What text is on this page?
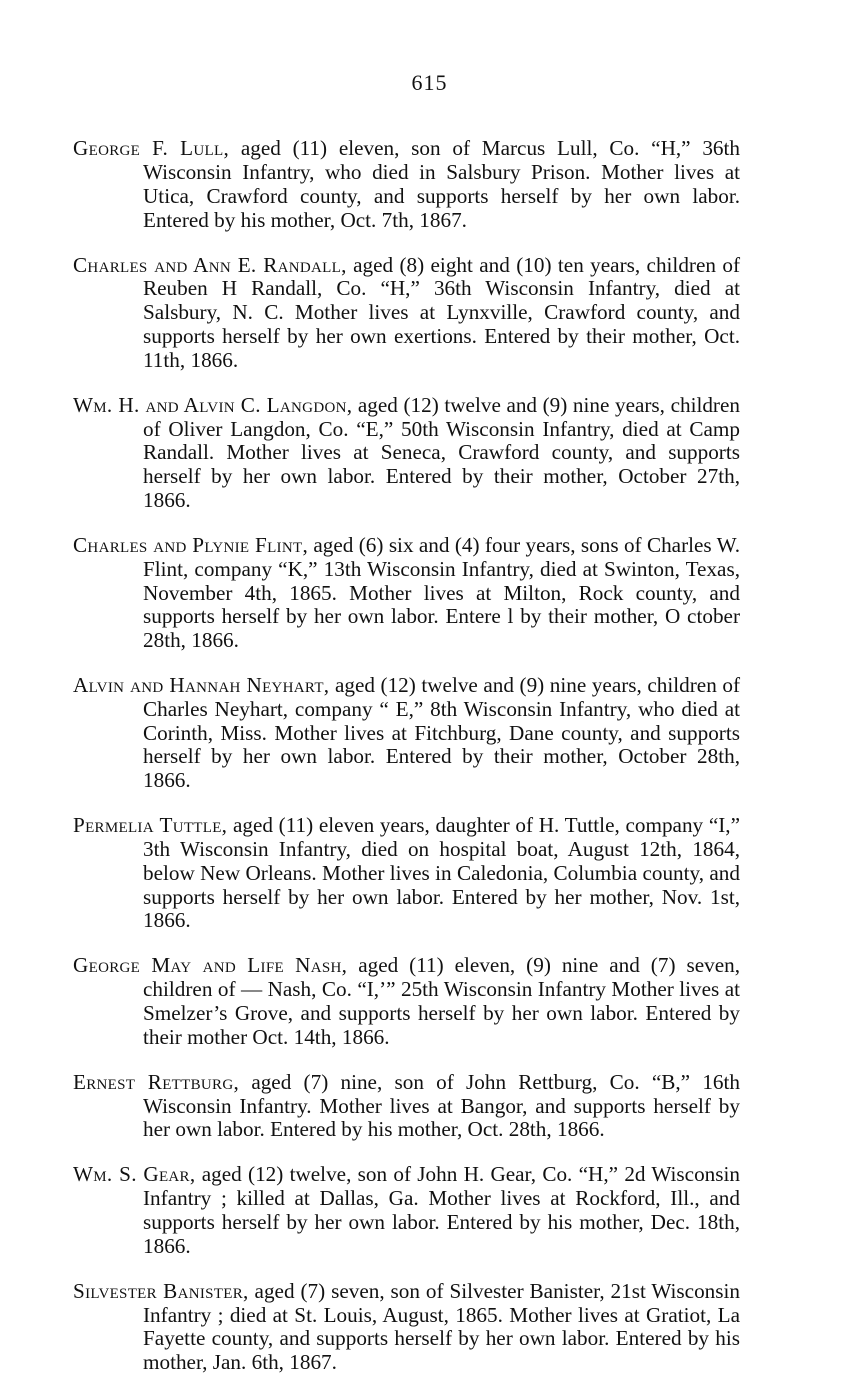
615

George F. Lull, aged (11) eleven, son of Marcus Lull, Co. “H,” 36th Wisconsin Infantry, who died in Salsbury Prison. Mother lives at Utica, Crawford county, and supports herself by her own labor. Entered by his mother, Oct. 7th, 1867.

Charles and Ann E. Randall, aged (8) eight and (10) ten years, children of Reuben H Randall, Co. “H,” 36th Wisconsin Infantry, died at Salsbury, N. C. Mother lives at Lynxville, Crawford county, and supports herself by her own exertions. Entered by their mother, Oct. 11th, 1866.

Wm. H. and Alvin C. Langdon, aged (12) twelve and (9) nine years, children of Oliver Langdon, Co. “E,” 50th Wisconsin Infantry, died at Camp Randall. Mother lives at Seneca, Crawford county, and supports herself by her own labor. Entered by their mother, October 27th, 1866.

Charles and Plynie Flint, aged (6) six and (4) four years, sons of Charles W. Flint, company “K,” 13th Wisconsin Infantry, died at Swinton, Texas, November 4th, 1865. Mother lives at Milton, Rock county, and supports herself by her own labor. Entere l by their mother, O ctober 28th, 1866.

Alvin and Hannah Neyhart, aged (12) twelve and (9) nine years, children of Charles Neyhart, company “ E,” 8th Wisconsin Infantry, who died at Corinth, Miss. Mother lives at Fitchburg, Dane county, and supports herself by her own labor. Entered by their mother, October 28th, 1866.

Permelia Tuttle, aged (11) eleven years, daughter of H. Tuttle, company “I,” 3th Wisconsin Infantry, died on hospital boat, August 12th, 1864, below New Orleans. Mother lives in Caledonia, Columbia county, and supports herself by her own labor. Entered by her mother, Nov. 1st, 1866.

George May and Life Nash, aged (11) eleven, (9) nine and (7) seven, children of — Nash, Co. “I,’” 25th Wisconsin Infantry Mother lives at Smelzer’s Grove, and supports herself by her own labor. Entered by their mother Oct. 14th, 1866.

Ernest Rettburg, aged (7) nine, son of John Rettburg, Co. “B,” 16th Wisconsin Infantry. Mother lives at Bangor, and supports herself by her own labor. Entered by his mother, Oct. 28th, 1866.

Wm. S. Gear, aged (12) twelve, son of John H. Gear, Co. “H,” 2d Wisconsin Infantry ; killed at Dallas, Ga. Mother lives at Rockford, Ill., and supports herself by her own labor. Entered by his mother, Dec. 18th, 1866.

Silvester Banister, aged (7) seven, son of Silvester Banister, 21st Wisconsin Infantry ; died at St. Louis, August, 1865. Mother lives at Gratiot, La Fayette county, and supports herself by her own labor. Entered by his mother, Jan. 6th, 1867.
